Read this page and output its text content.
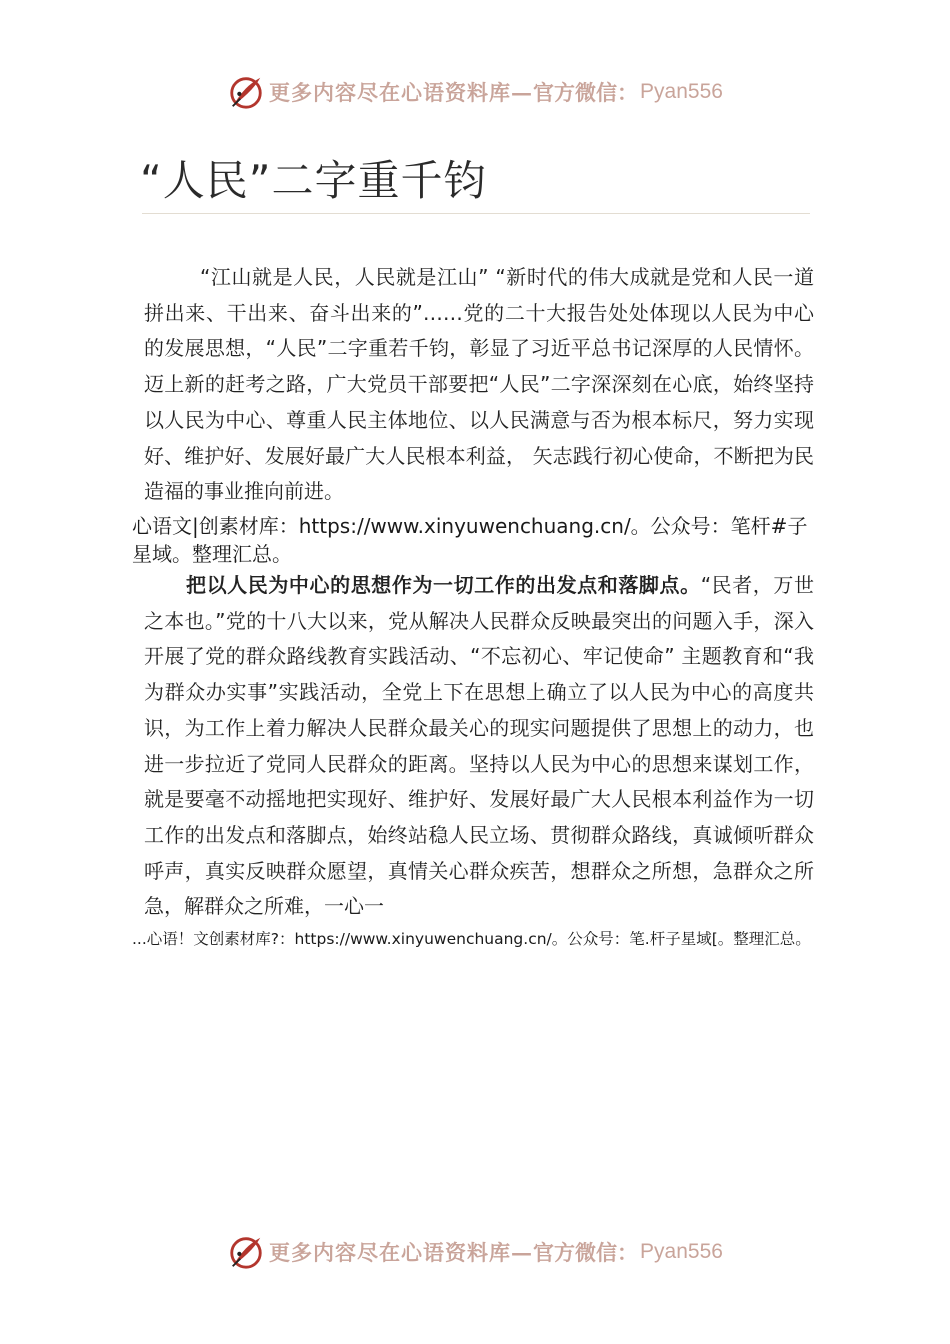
更多内容尽在心语资料库— 官方微信： Pyan556
“人民”二字重千钧

“江山就是人民，人民就是江山” “新时代的伟大成就是党和人民一道拼出来、干出来、奋斗出来的”……党的二十大报告处处体现以人民为中心的发展思想，“人民”二字重若千钧，彰显了习近平总书记深厚的人民情怀。迈上新的赶考之路，广大党员干部要把“人民”二字深深刻在心底，始终坚持以人民为中心、尊重人民主体地位、以人民满意与否为根本标尺，努力实现好、维护好、发展好最广大人民根本利益， 矢志践行初心使命，不断把为民造福的事业推向前进。

心语文|创素材库：https://www.xinyuwenchuang.cn/。公众号：笔杆#子星域。整理汇总。

把以人民为中心的思想作为一切工作的出发点和落脚点。“民者，万世之本也。”党的十八大以来，党从解决人民群众反映最突出的问题入手，深入开展了党的群众路线教育实践活动、“不忘初心、牢记使命” 主题教育和“我为群众办实事”实践活动，全党上下在思想上确立了以人民为中心的高度共识，为工作上着力解决人民群众最关心的现实问题提供了思想上的动力，也进一步拉近了党同人民群众的距离。坚持以人民为中心的思想来谋划工作，就是要毫不动摇地把实现好、维护好、发展好最广大人民根本利益作为一切工作的出发点和落脚点，始终站稳人民立场、贯彻群众路线，真诚倾听群众呼声，真实反映群众愿望，真情关心群众疾苦，想群众之所想，急群众之所急，解群众之所难，一心一

...心语！文创素材库?：https://www.xinyuwenchuang.cn/。公众号：笔.杆子星域[。整理汇总。

更多内容尽在心语资料库— 官方微信： Pyan556
